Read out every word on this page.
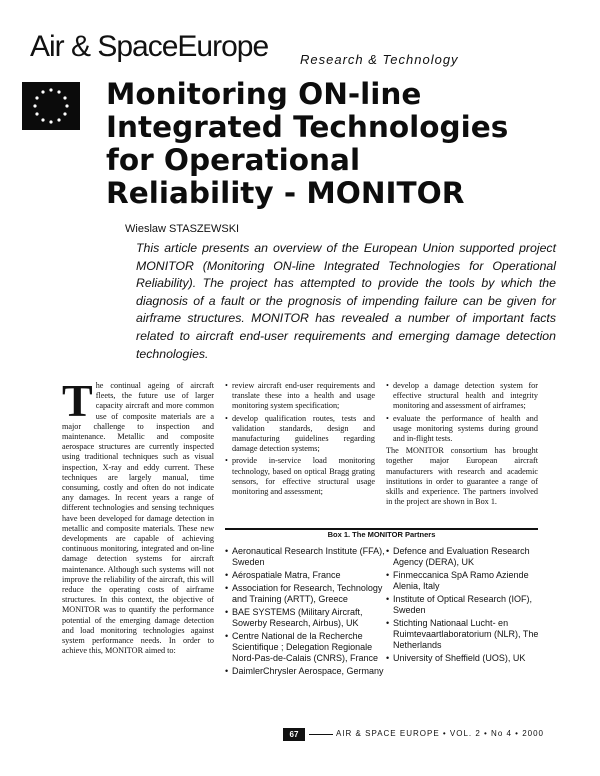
Air & SpaceEurope Research & Technology
Monitoring ON-line
Integrated Technologies
for Operational
Reliability - MONITOR
Wieslaw STASZEWSKI
This article presents an overview of the European Union supported project MONITOR (Monitoring ON-line Integrated Technologies for Operational Reliability). The project has attempted to provide the tools by which the diagnosis of a fault or the prognosis of impending failure can be given for airframe structures. MONITOR has revealed a number of important facts related to aircraft end-user requirements and emerging damage detection technologies.
T he continual ageing of aircraft fleets, the future use of larger capacity aircraft and more common use of composite materials are a major challenge to inspection and maintenance. Metallic and composite aerospace structures are currently inspected using traditional techniques such as visual inspection, X-ray and eddy current. These techniques are largely manual, time consuming, costly and often do not indicate any damages. In recent years a range of different technologies and sensing techniques have been developed for damage detection in metallic and composite materials. These new developments are capable of achieving continuous monitoring, integrated and on-line damage detection systems for aircraft maintenance. Although such systems will not improve the reliability of the aircraft, this will reduce the operating costs of airframe structures. In this context, the objective of MONITOR was to quantify the performance potential of the emerging damage detection and load monitoring technologies against system performance needs. In order to achieve this, MONITOR aimed to:
• review aircraft end-user requirements and translate these into a health and usage monitoring system specification;
• develop qualification routes, tests and validation standards, design and manufacturing guidelines regarding damage detection systems;
• provide in-service load monitoring technology, based on optical Bragg grating sensors, for effective structural usage monitoring and assessment;
• develop a damage detection system for effective structural health and integrity monitoring and assessment of airframes;
• evaluate the performance of health and usage monitoring systems during ground and in-flight tests.
The MONITOR consortium has brought together major European aircraft manufacturers with research and academic institutions in order to guarantee a range of skills and experience. The partners involved in the project are shown in Box 1.
Box 1. The MONITOR Partners
• Aeronautical Research Institute (FFA), Sweden
• Aérospatiale Matra, France
• Association for Research, Technology and Training (ARTT), Greece
• BAE SYSTEMS (Military Aircraft, Sowerby Research, Airbus), UK
• Centre National de la Recherche Scientifique ; Delegation Regionale Nord-Pas-de-Calais (CNRS), France
• DaimlerChrysler Aerospace, Germany
• Defence and Evaluation Research Agency (DERA), UK
• Finmeccanica SpA Ramo Aziende Alenia, Italy
• Institute of Optical Research (IOF), Sweden
• Stichting Nationaal Lucht- en Ruimtevaartlaboratorium (NLR), The Netherlands
• University of Sheffield (UOS), UK
67	AIR & SPACE EUROPE • VOL. 2 • No 4 • 2000
